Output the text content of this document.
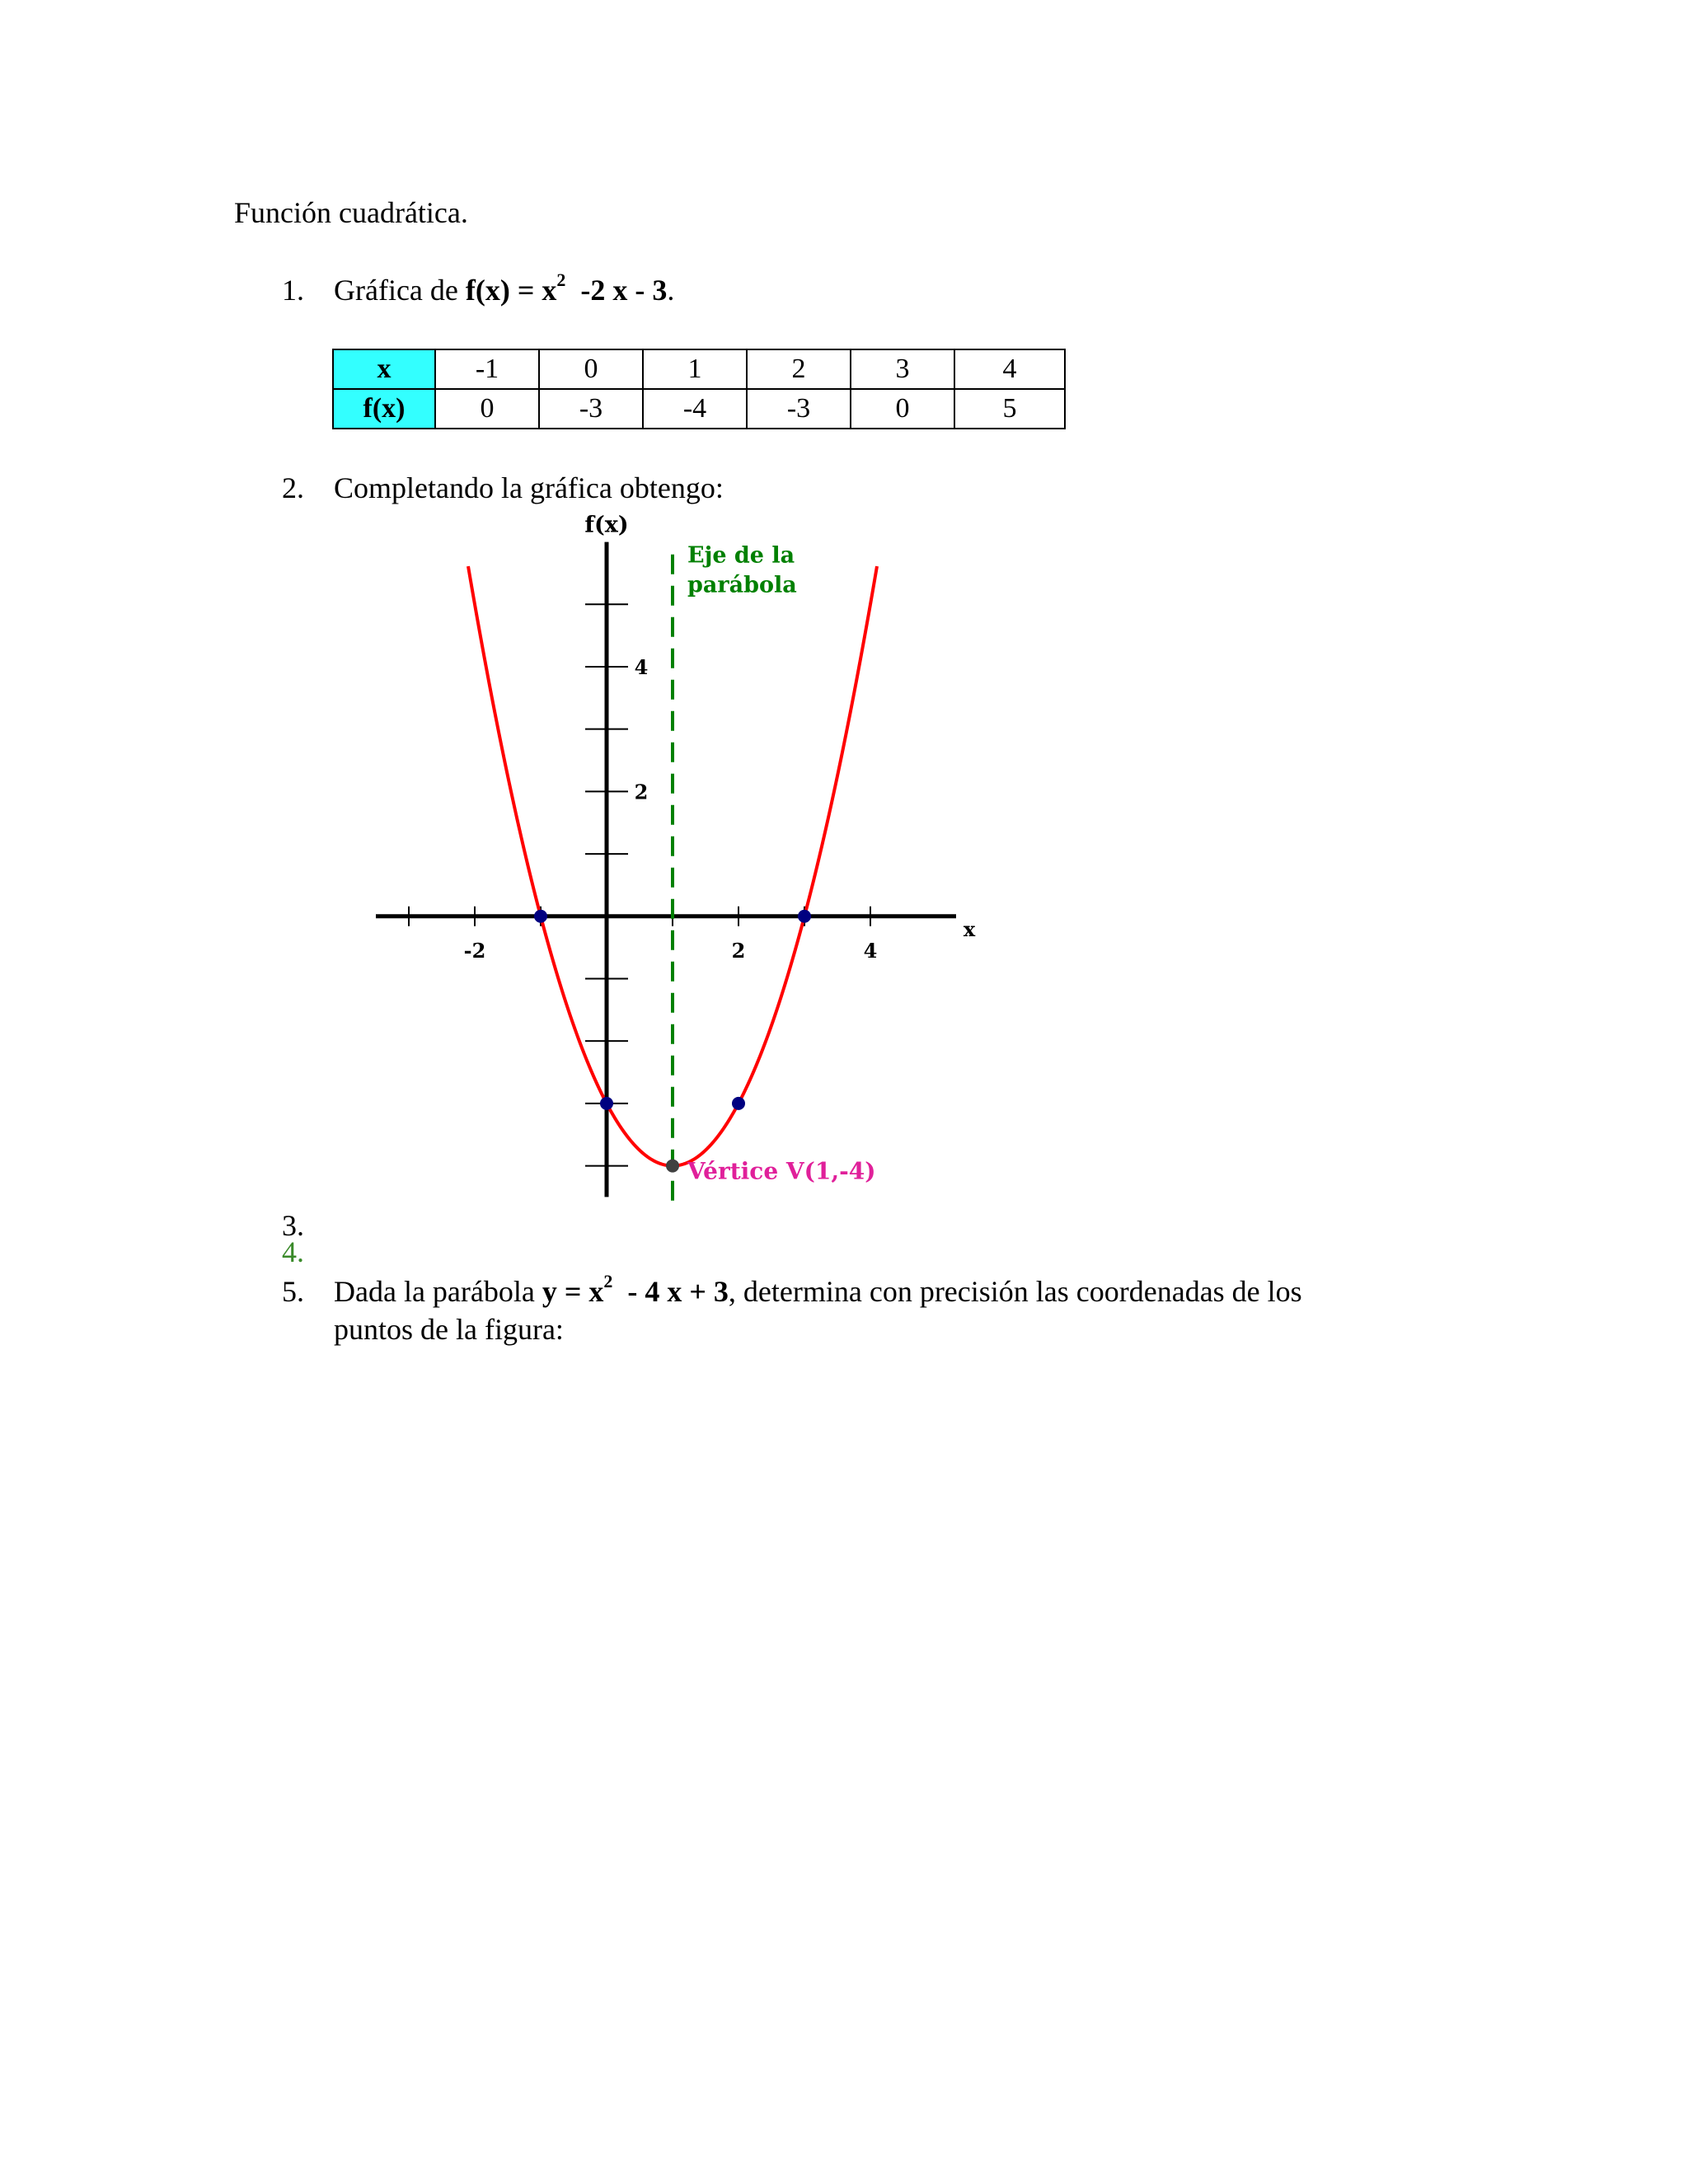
Función cuadrática.
1. Gráfica de $f(x) = x^2$ -2 x - 3.
x	-1	0	1	2	3	4
f(x)	0	-3	-4	-3	0	5
2. Completando la gráfica obtengo:
-2	2	4
4
2
f(x)
x
Eje de la
parábola
Vértice V(1,-4)
3.
4.
5. Dada la parábola $y = x^2 - 4$ x + 3, determina con precisión las coordenadas de los
puntos de la figura:
